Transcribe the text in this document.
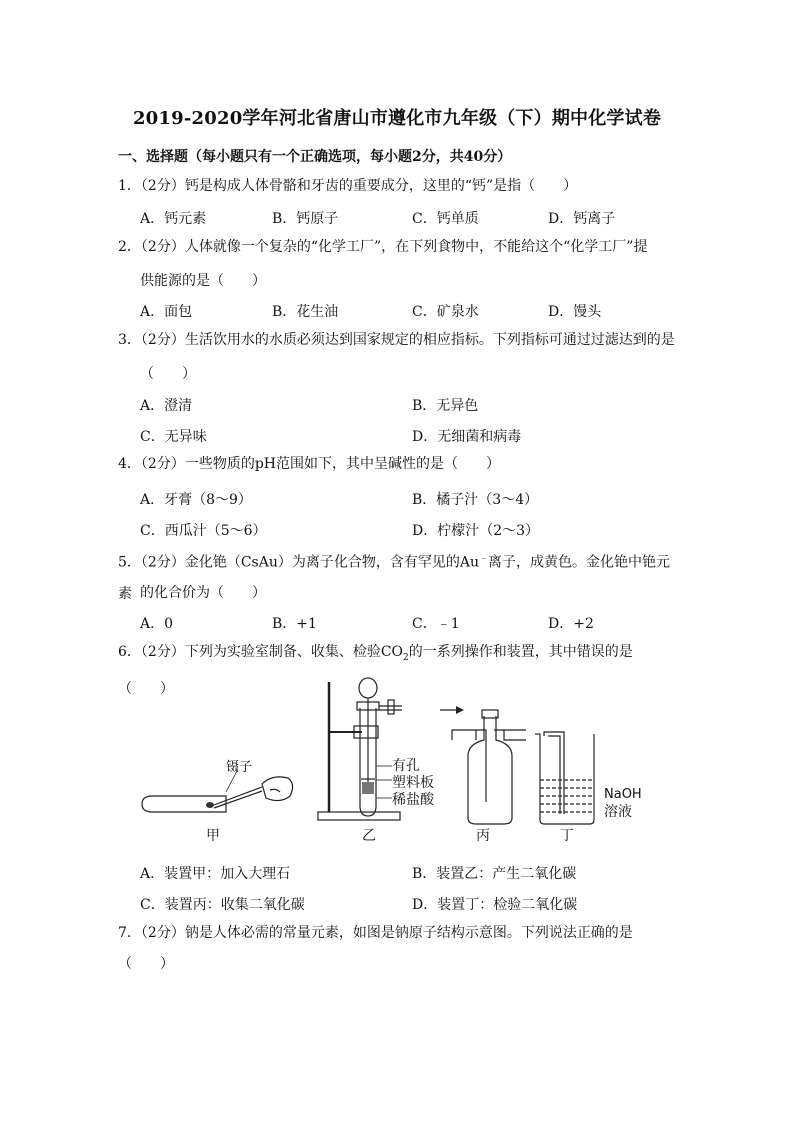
2019-2020学年河北省唐山市遵化市九年级（下）期中化学试卷
一、选择题（每小题只有一个正确选项，每小题2分，共40分）
1．（2分）钙是构成人体骨骼和牙齿的重要成分，这里的“钙”是指（　　）
A．钙元素	B．钙原子	C．钙单质	D．钙离子
2．（2分）人体就像一个复杂的“化学工厂”，在下列食物中，不能给这个“化学工厂”提
供能源的是（　　）
A．面包	B．花生油	C．矿泉水	D．馒头
3．（2分）生活饮用水的水质必须达到国家规定的相应指标。下列指标可通过过滤达到的是
（　　）
A．澄清	B．无异色
C．无异味	D．无细菌和病毒
4．（2分）一些物质的pH范围如下，其中呈碱性的是（　　）
A．牙膏（8～9）	B．橘子汁（3～4）
C．西瓜汁（5～6）	D．柠檬汁（2～3）
5．（2分）金化铯（CsAu）为离子化合物，含有罕见的Au﹣离子，成黄色。金化铯中铯元素 的化合价为（　　）
A．0	B．+1	C．﹣1	D．+2
6．（2分）下列为实验室制备、收集、检验$CO_2$的一系列操作和装置，其中错误的是（　　）
镊子
甲
有孔
塑料板
稀盐酸
乙	丙
NaOH
溶液
丁
A．装置甲：加入大理石	B．装置乙：产生二氧化碳
C．装置丙：收集二氧化碳	D．装置丁：检验二氧化碳
7．（2分）钠是人体必需的常量元素，如图是钠原子结构示意图。下列说法正确的是（　　）
